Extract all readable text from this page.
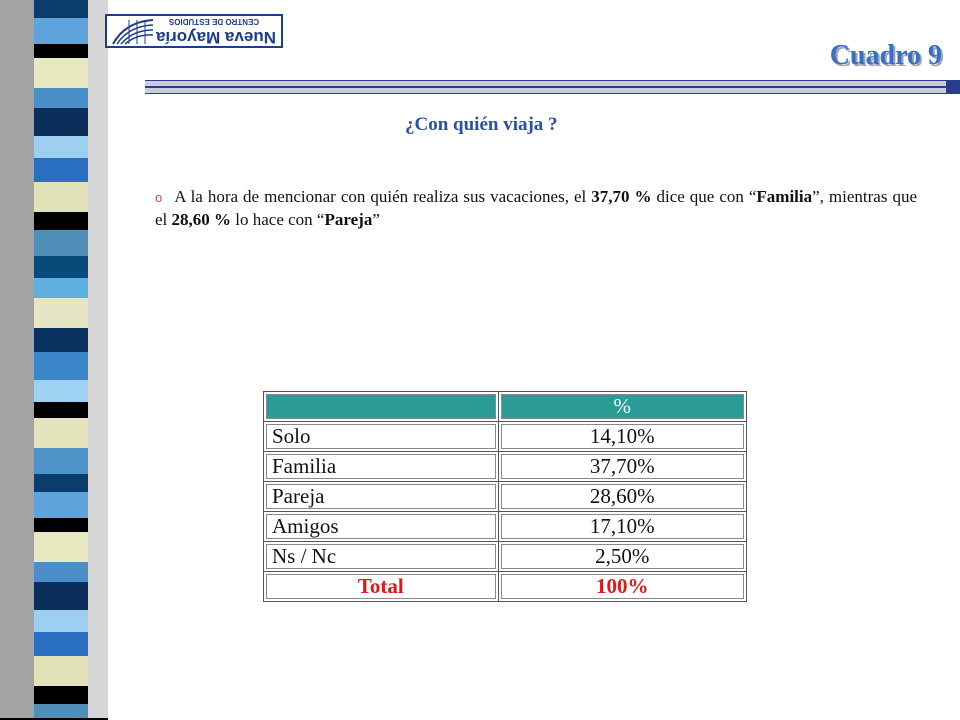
Nueva Mayoría
CENTRO DE ESTUDIOS
Cuadro 9
¿Con quién viaja ?
o A la hora de mencionar con quién realiza sus vacaciones, el 37,70 % dice que con “Familia”, mientras que el 28,60 % lo hace con “Pareja”
	%
Solo	14,10%
Familia	37,70%
Pareja	28,60%
Amigos	17,10%
Ns / Nc	2,50%
Total	100%
